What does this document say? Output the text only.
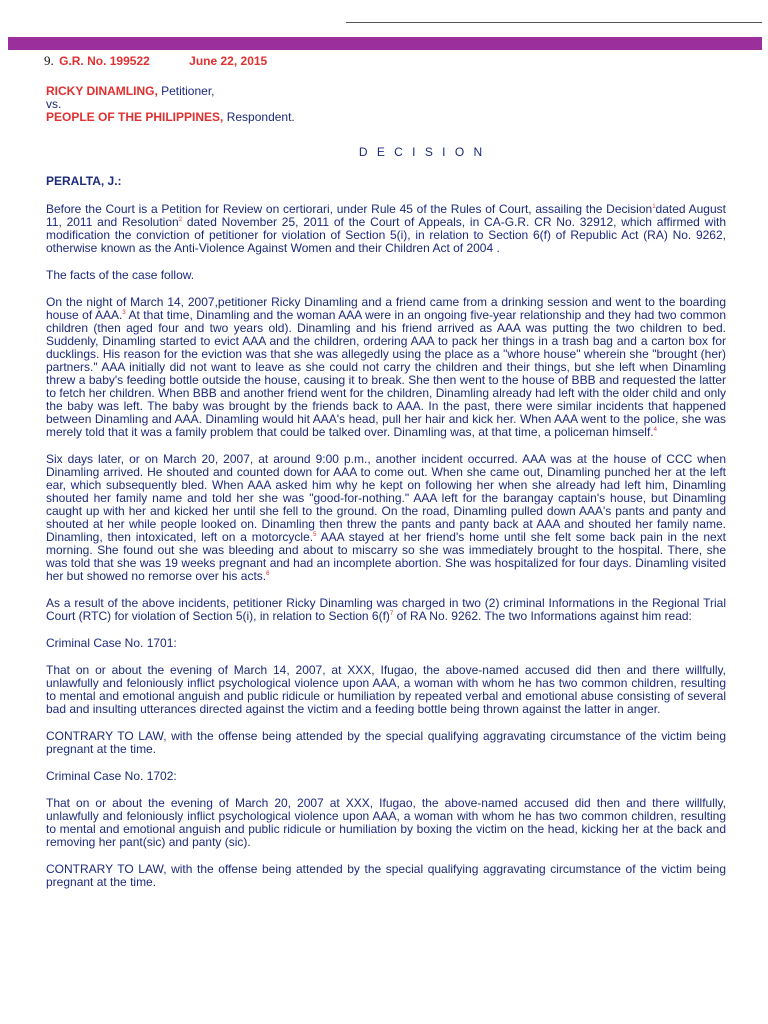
9. G.R. No. 199522	June 22, 2015

RICKY DINAMLING, Petitioner,

vs.

PEOPLE OF THE PHILIPPINES, Respondent.

D E C I S I O N

PERALTA, J.:

Before the Court is a Petition for Review on certiorari, under Rule 45 of the Rules of Court, assailing the Decision$^1$dated August 11, 2011 and Resolution$^2$ dated November 25, 2011 of the Court of Appeals, in CA-G.R. CR No. 32912, which affirmed with modification the conviction of petitioner for violation of Section 5(i), in relation to Section 6(f) of Republic Act (RA) No. 9262, otherwise known as the Anti-Violence Against Women and their Children Act of 2004 .

The facts of the case follow.

On the night of March 14, 2007,petitioner Ricky Dinamling and a friend came from a drinking session and went to the boarding house of AAA.$^3$ At that time, Dinamling and the woman AAA were in an ongoing five-year relationship and they had two common children (then aged four and two years old). Dinamling and his friend arrived as AAA was putting the two children to bed. Suddenly, Dinamling started to evict AAA and the children, ordering AAA to pack her things in a trash bag and a carton box for ducklings. His reason for the eviction was that she was allegedly using the place as a "whore house" wherein she "brought (her) partners." AAA initially did not want to leave as she could not carry the children and their things, but she left when Dinamling threw a baby's feeding bottle outside the house, causing it to break. She then went to the house of BBB and requested the latter to fetch her children. When BBB and another friend went for the children, Dinamling already had left with the older child and only the baby was left. The baby was brought by the friends back to AAA. In the past, there were similar incidents that happened between Dinamling and AAA. Dinamling would hit AAA's head, pull her hair and kick her. When AAA went to the police, she was merely told that it was a family problem that could be talked over. Dinamling was, at that time, a policeman himself.$^4$

Six days later, or on March 20, 2007, at around 9:00 p.m., another incident occurred. AAA was at the house of CCC when Dinamling arrived. He shouted and counted down for AAA to come out. When she came out, Dinamling punched her at the left ear, which subsequently bled. When AAA asked him why he kept on following her when she already had left him, Dinamling shouted her family name and told her she was "good-for-nothing." AAA left for the barangay captain's house, but Dinamling caught up with her and kicked her until she fell to the ground. On the road, Dinamling pulled down AAA's pants and panty and shouted at her while people looked on. Dinamling then threw the pants and panty back at AAA and shouted her family name. Dinamling, then intoxicated, left on a motorcycle.$^5$ AAA stayed at her friend's home until she felt some back pain in the next morning. She found out she was bleeding and about to miscarry so she was immediately brought to the hospital. There, she was told that she was 19 weeks pregnant and had an incomplete abortion. She was hospitalized for four days. Dinamling visited her but showed no remorse over his acts.$^6$

As a result of the above incidents, petitioner Ricky Dinamling was charged in two (2) criminal Informations in the Regional Trial Court (RTC) for violation of Section 5(i), in relation to Section $6(f)^7$ of RA No. 9262. The two Informations against him read:

Criminal Case No. 1701:

That on or about the evening of March 14, 2007, at XXX, Ifugao, the above-named accused did then and there willfully, unlawfully and feloniously inflict psychological violence upon AAA, a woman with whom he has two common children, resulting to mental and emotional anguish and public ridicule or humiliation by repeated verbal and emotional abuse consisting of several bad and insulting utterances directed against the victim and a feeding bottle being thrown against the latter in anger.

CONTRARY TO LAW, with the offense being attended by the special qualifying aggravating circumstance of the victim being pregnant at the time.

Criminal Case No. 1702:

That on or about the evening of March 20, 2007 at XXX, Ifugao, the above-named accused did then and there willfully, unlawfully and feloniously inflict psychological violence upon AAA, a woman with whom he has two common children, resulting to mental and emotional anguish and public ridicule or humiliation by boxing the victim on the head, kicking her at the back and removing her pant(sic) and panty (sic).

CONTRARY TO LAW, with the offense being attended by the special qualifying aggravating circumstance of the victim being pregnant at the time.
